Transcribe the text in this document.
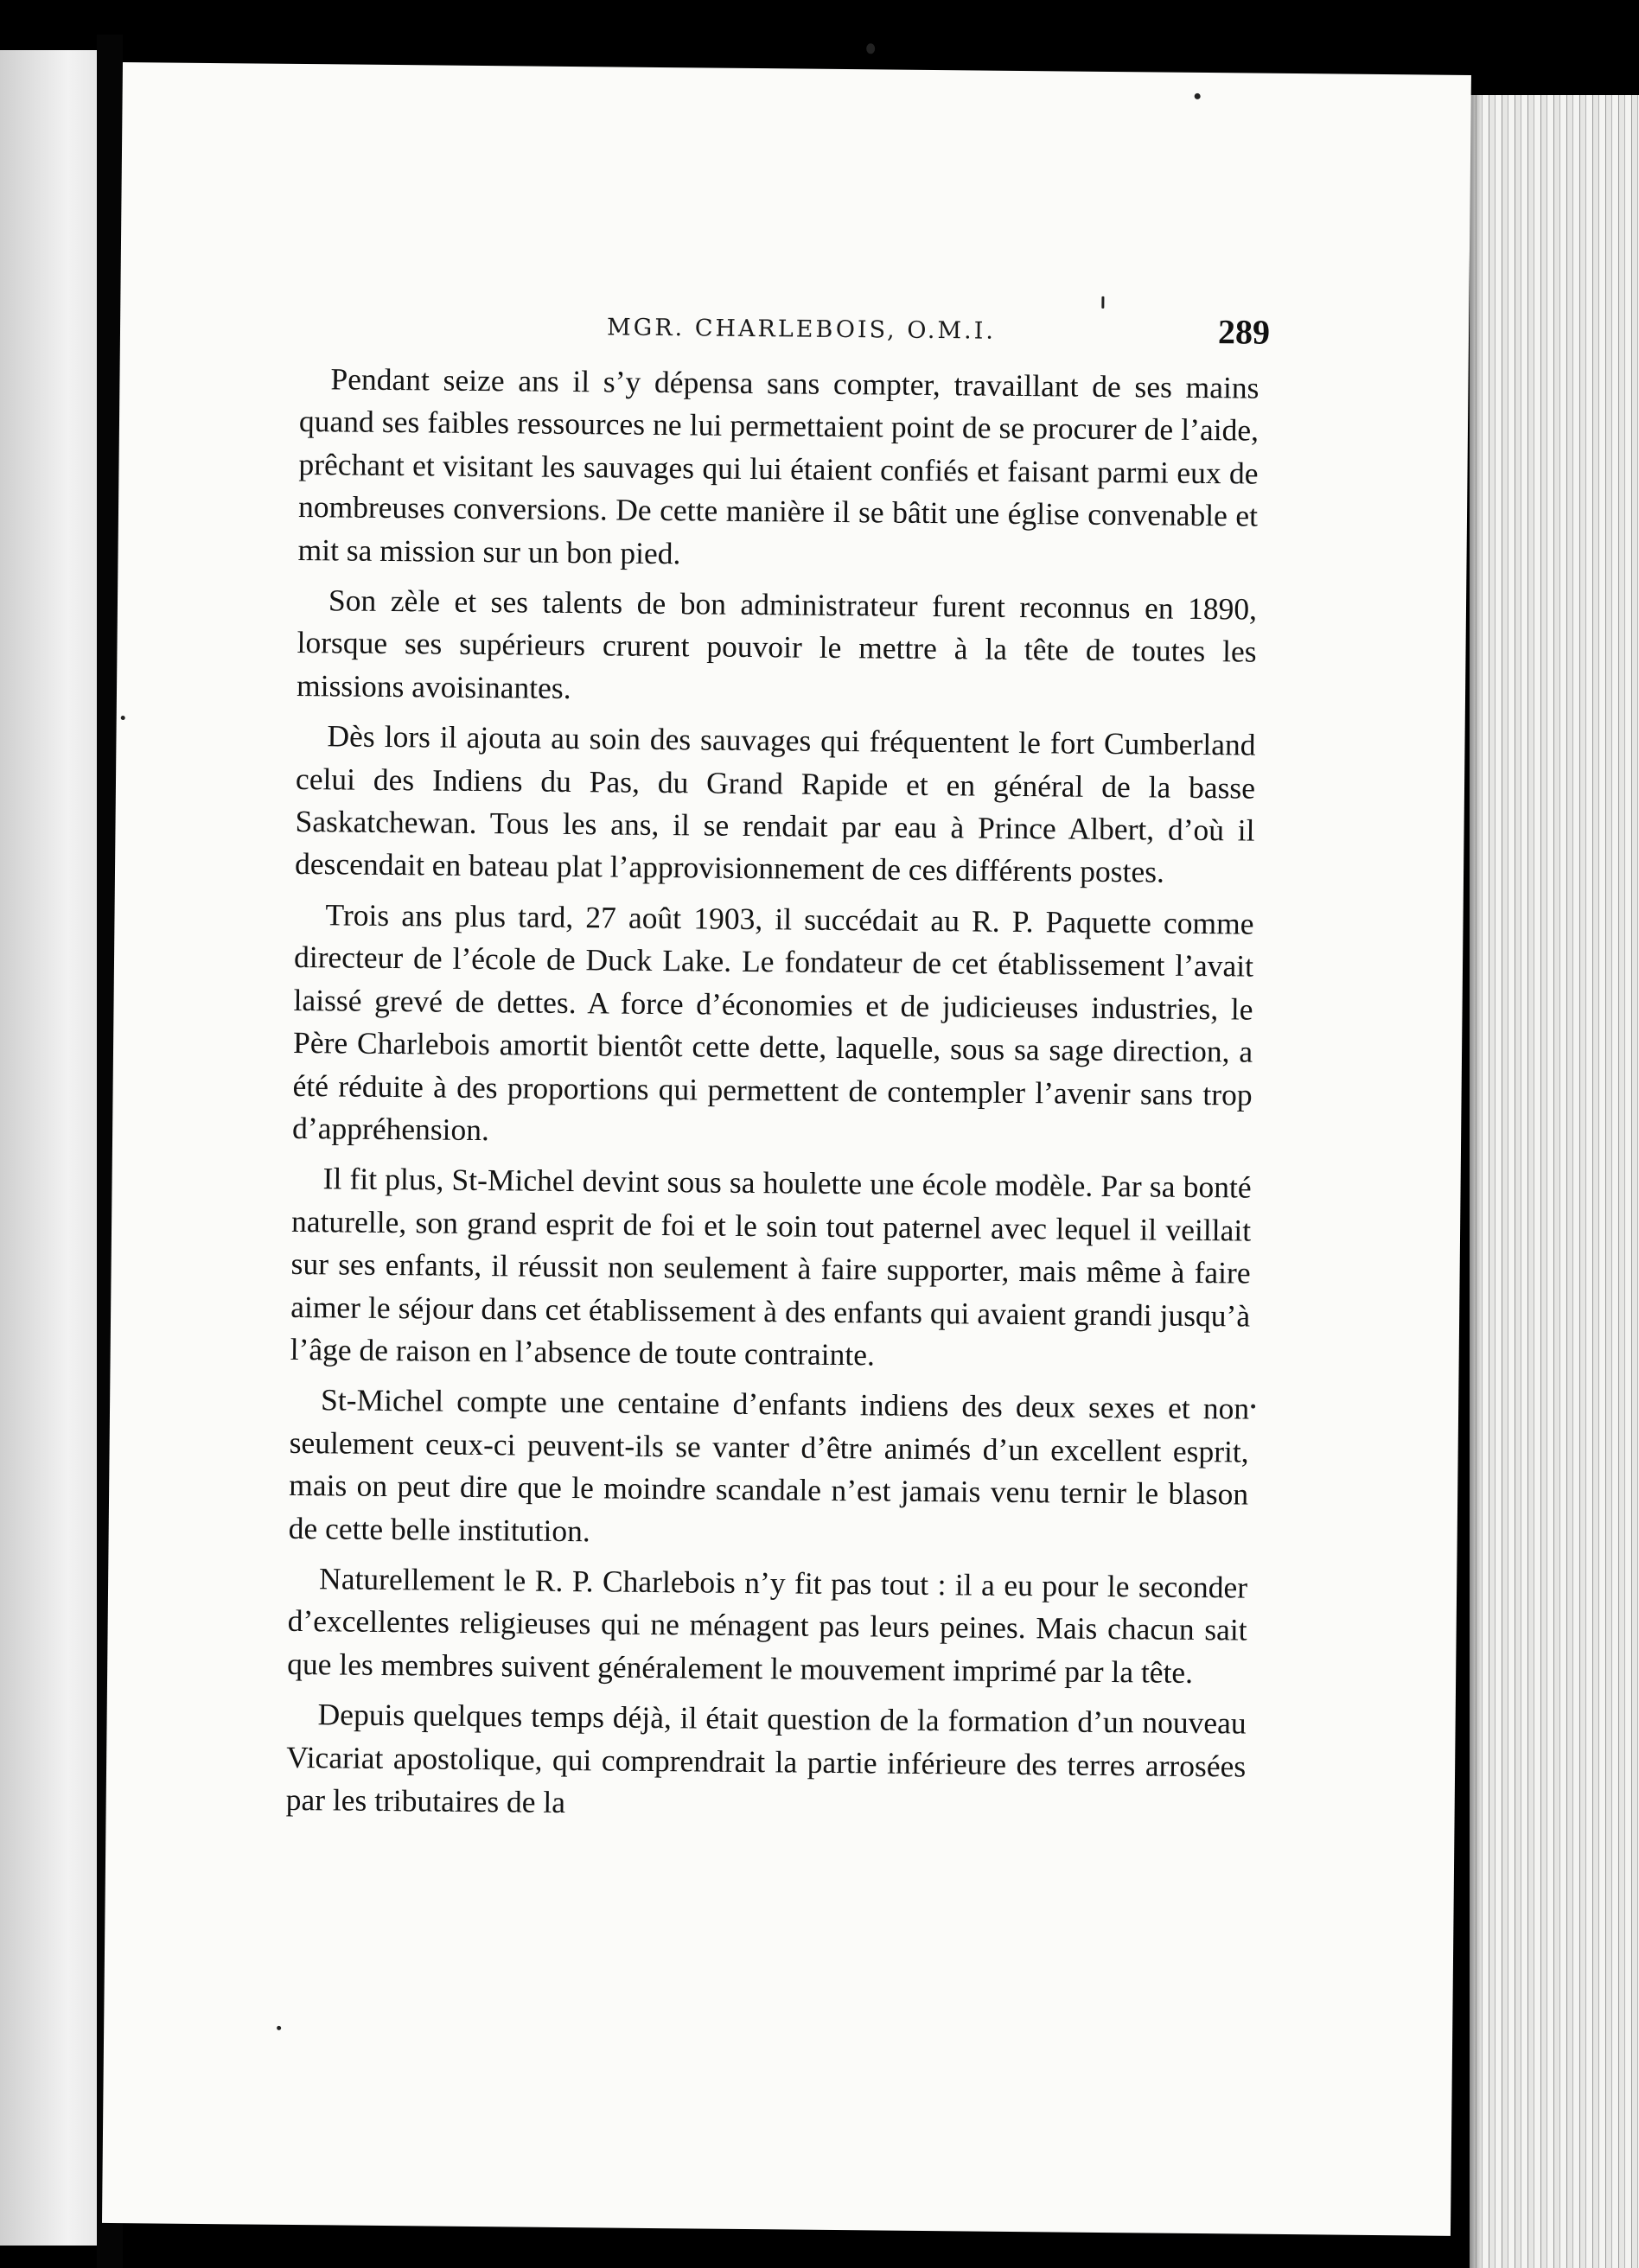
MGR. CHARLEBOIS, O.M.I.	289

Pendant seize ans il s’y dépensa sans compter, travaillant de ses mains quand ses faibles ressources ne lui permettaient point de se procurer de l’aide, prêchant et visitant les sauvages qui lui étaient confiés et faisant parmi eux de nombreuses conversions. De cette manière il se bâtit une église convenable et mit sa mission sur un bon pied.

Son zèle et ses talents de bon administrateur furent reconnus en 1890, lorsque ses supérieurs crurent pouvoir le mettre à la tête de toutes les missions avoisinantes.

Dès lors il ajouta au soin des sauvages qui fréquentent le fort Cumberland celui des Indiens du Pas, du Grand Rapide et en général de la basse Saskatchewan. Tous les ans, il se rendait par eau à Prince Albert, d’où il descendait en bateau plat l’approvisionnement de ces différents postes.

Trois ans plus tard, 27 août 1903, il succédait au R. P. Paquette comme directeur de l’école de Duck Lake. Le fondateur de cet établissement l’avait laissé grevé de dettes. A force d’économies et de judicieuses industries, le Père Charlebois amortit bientôt cette dette, laquelle, sous sa sage direction, a été réduite à des proportions qui permettent de contempler l’avenir sans trop d’appréhension.

Il fit plus, St-Michel devint sous sa houlette une école modèle. Par sa bonté naturelle, son grand esprit de foi et le soin tout paternel avec lequel il veillait sur ses enfants, il réussit non seulement à faire supporter, mais même à faire aimer le séjour dans cet établissement à des enfants qui avaient grandi jusqu’à l’âge de raison en l’absence de toute contrainte.

St-Michel compte une centaine d’enfants indiens des deux sexes et non seulement ceux-ci peuvent-ils se vanter d’être animés d’un excellent esprit, mais on peut dire que le moindre scandale n’est jamais venu ternir le blason de cette belle institution.

Naturellement le R. P. Charlebois n’y fit pas tout : il a eu pour le seconder d’excellentes religieuses qui ne ménagent pas leurs peines. Mais chacun sait que les membres suivent généralement le mouvement imprimé par la tête.

Depuis quelques temps déjà, il était question de la formation d’un nouveau Vicariat apostolique, qui comprendrait la partie inférieure des terres arrosées par les tributaires de la
